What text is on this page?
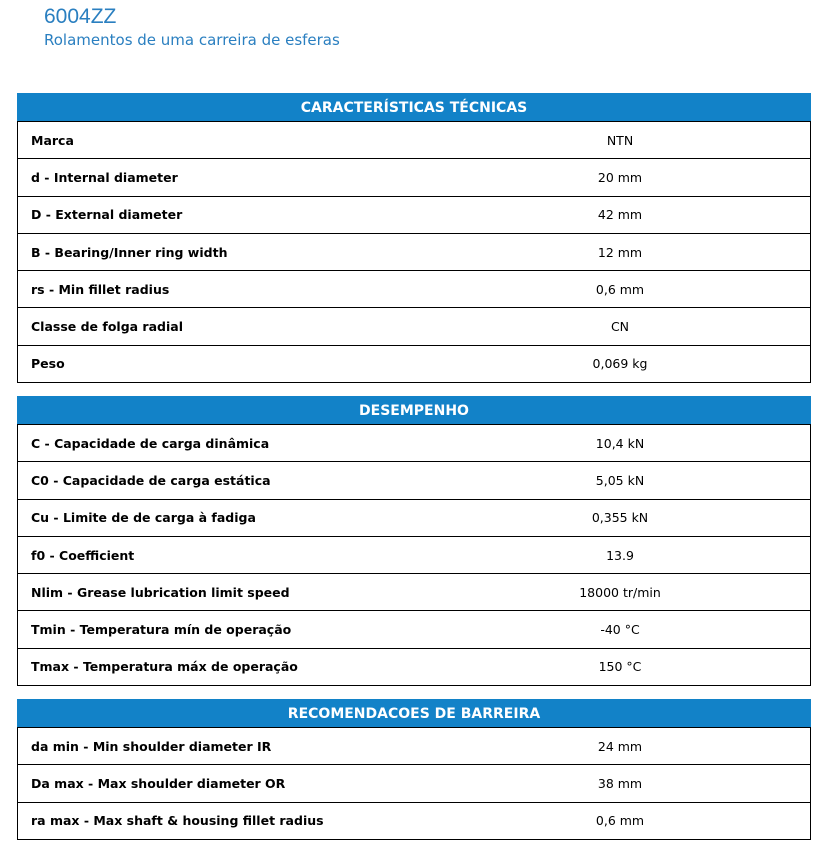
6004ZZ
Rolamentos de uma carreira de esferas
CARACTERÍSTICAS TÉCNICAS
Marca	NTN
d - Internal diameter	20 mm
D - External diameter	42 mm
B - Bearing/Inner ring width	12 mm
rs - Min fillet radius	0,6 mm
Classe de folga radial	CN
Peso	0,069 kg
DESEMPENHO
C - Capacidade de carga dinâmica	10,4 kN
C0 - Capacidade de carga estática	5,05 kN
Cu - Limite de de carga à fadiga	0,355 kN
f0 - Coefficient	13.9
Nlim - Grease lubrication limit speed	18000 tr/min
Tmin - Temperatura mín de operação	-40 °C
Tmax - Temperatura máx de operação	150 °C
RECOMENDACOES DE BARREIRA
da min - Min shoulder diameter IR	24 mm
Da max - Max shoulder diameter OR	38 mm
ra max - Max shaft & housing fillet radius	0,6 mm
